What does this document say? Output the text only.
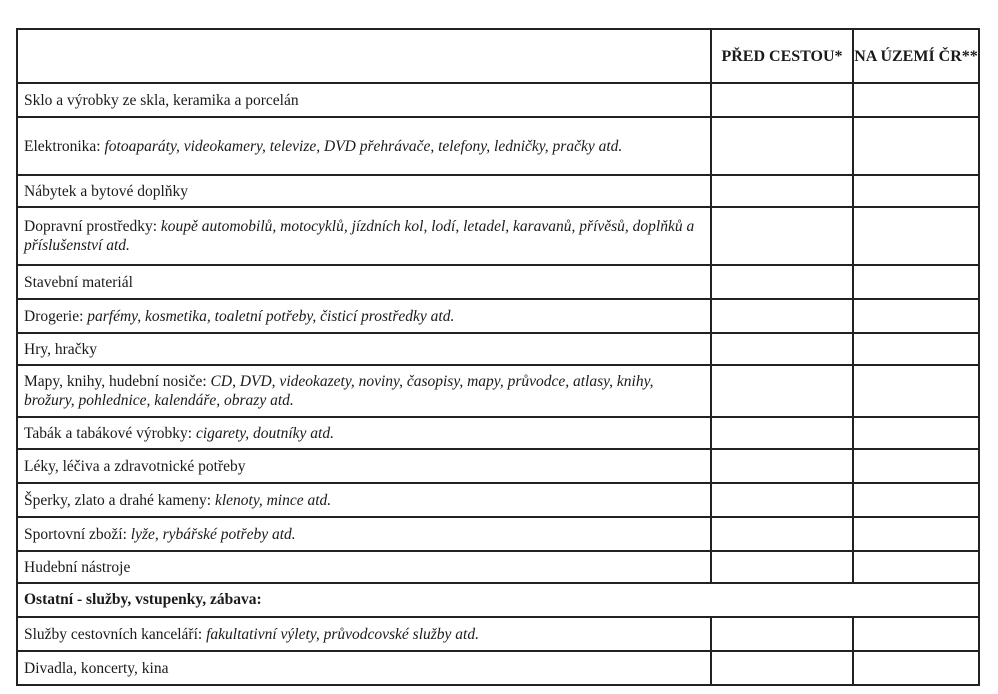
	PŘED CESTOU*	NA ÚZEMÍ ČR**
Sklo a výrobky ze skla, keramika a porcelán		
Elektronika: fotoaparáty, videokamery, televize, DVD přehrávače, telefony, ledničky, pračky atd.		
Nábytek a bytové doplňky		
Dopravní prostředky: koupě automobilů, motocyklů, jízdních kol, lodí, letadel, karavanů, přívěsů, doplňků a příslušenství atd.		
Stavební materiál		
Drogerie: parfémy, kosmetika, toaletní potřeby, čisticí prostředky atd.		
Hry, hračky		
Mapy, knihy, hudební nosiče: CD, DVD, videokazety, noviny, časopisy, mapy, průvodce, atlasy, knihy, brožury, pohlednice, kalendáře, obrazy atd.		
Tabák a tabákové výrobky: cigarety, doutníky atd.		
Léky, léčiva a zdravotnické potřeby		
Šperky, zlato a drahé kameny: klenoty, mince atd.		
Sportovní zboží: lyže, rybářské potřeby atd.		
Hudební nástroje		
Ostatní - služby, vstupenky, zábava:		
Služby cestovních kanceláří: fakultativní výlety, průvodcovské služby atd.		
Divadla, koncerty, kina		
